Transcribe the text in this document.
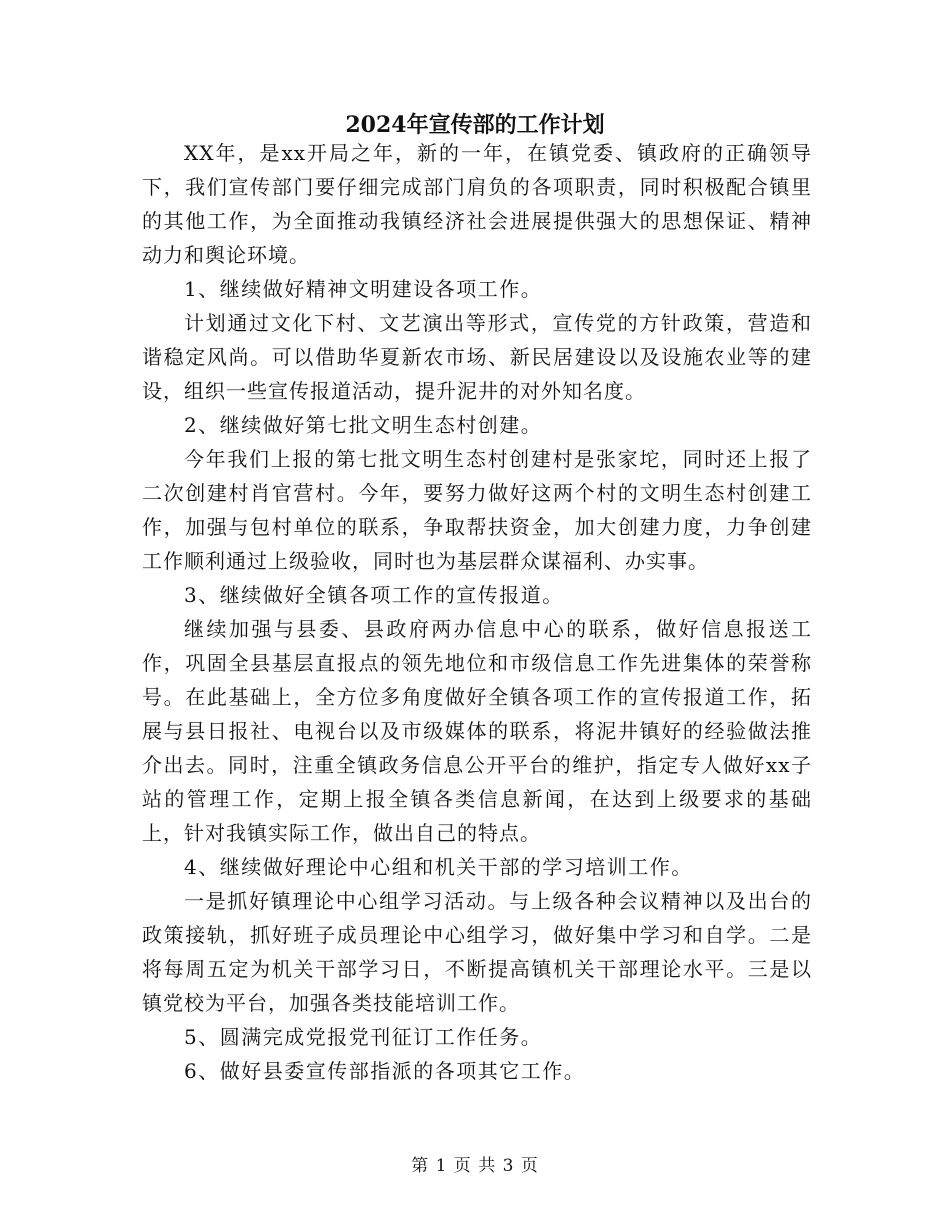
2024年宣传部的工作计划

XX年，是xx开局之年，新的一年，在镇党委、镇政府的正确领导下，我们宣传部门要仔细完成部门肩负的各项职责，同时积极配合镇里的其他工作，为全面推动我镇经济社会进展提供强大的思想保证、精神动力和舆论环境。

1、继续做好精神文明建设各项工作。

计划通过文化下村、文艺演出等形式，宣传党的方针政策，营造和谐稳定风尚。可以借助华夏新农市场、新民居建设以及设施农业等的建设，组织一些宣传报道活动，提升泥井的对外知名度。

2、继续做好第七批文明生态村创建。

今年我们上报的第七批文明生态村创建村是张家坨，同时还上报了二次创建村肖官营村。今年，要努力做好这两个村的文明生态村创建工作，加强与包村单位的联系，争取帮扶资金，加大创建力度，力争创建工作顺利通过上级验收，同时也为基层群众谋福利、办实事。

3、继续做好全镇各项工作的宣传报道。

继续加强与县委、县政府两办信息中心的联系，做好信息报送工作，巩固全县基层直报点的领先地位和市级信息工作先进集体的荣誉称号。在此基础上，全方位多角度做好全镇各项工作的宣传报道工作，拓展与县日报社、电视台以及市级媒体的联系，将泥井镇好的经验做法推介出去。同时，注重全镇政务信息公开平台的维护，指定专人做好xx子站的管理工作，定期上报全镇各类信息新闻，在达到上级要求的基础上，针对我镇实际工作，做出自己的特点。

4、继续做好理论中心组和机关干部的学习培训工作。

一是抓好镇理论中心组学习活动。与上级各种会议精神以及出台的政策接轨，抓好班子成员理论中心组学习，做好集中学习和自学。二是将每周五定为机关干部学习日，不断提高镇机关干部理论水平。三是以镇党校为平台，加强各类技能培训工作。

5、圆满完成党报党刊征订工作任务。

6、做好县委宣传部指派的各项其它工作。

第 1 页 共 3 页
